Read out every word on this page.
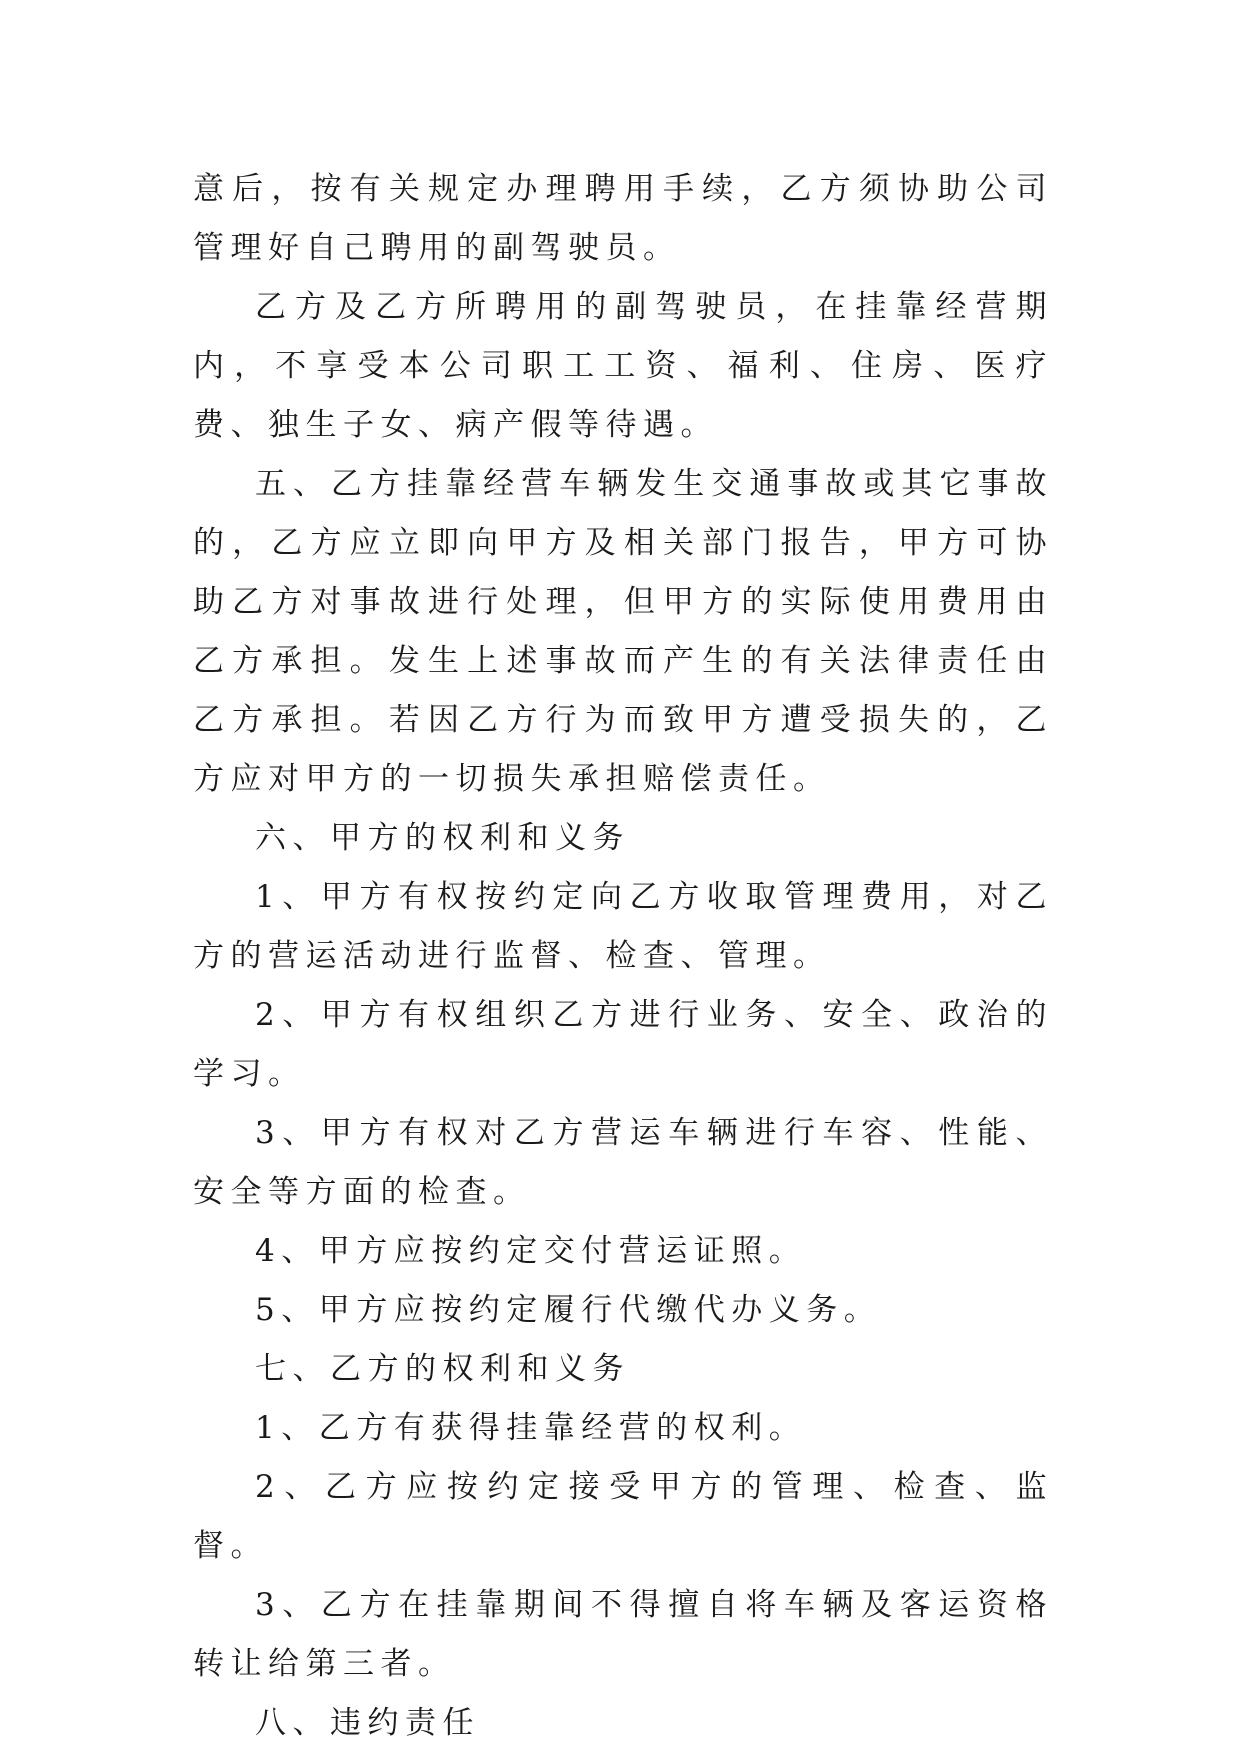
意后，按有关规定办理聘用手续，乙方须协助公司管理好自己聘用的副驾驶员。

乙方及乙方所聘用的副驾驶员，在挂靠经营期内，不享受本公司职工工资、福利、住房、医疗费、独生子女、病产假等待遇。

五、乙方挂靠经营车辆发生交通事故或其它事故的，乙方应立即向甲方及相关部门报告，甲方可协助乙方对事故进行处理，但甲方的实际使用费用由乙方承担。发生上述事故而产生的有关法律责任由乙方承担。若因乙方行为而致甲方遭受损失的，乙方应对甲方的一切损失承担赔偿责任。

六、甲方的权利和义务

1、甲方有权按约定向乙方收取管理费用，对乙方的营运活动进行监督、检查、管理。

2、甲方有权组织乙方进行业务、安全、政治的学习。

3、甲方有权对乙方营运车辆进行车容、性能、安全等方面的检查。

4、甲方应按约定交付营运证照。

5、甲方应按约定履行代缴代办义务。

七、乙方的权利和义务

1、乙方有获得挂靠经营的权利。

2、乙方应按约定接受甲方的管理、检查、监督。

3、乙方在挂靠期间不得擅自将车辆及客运资格转让给第三者。

八、违约责任
